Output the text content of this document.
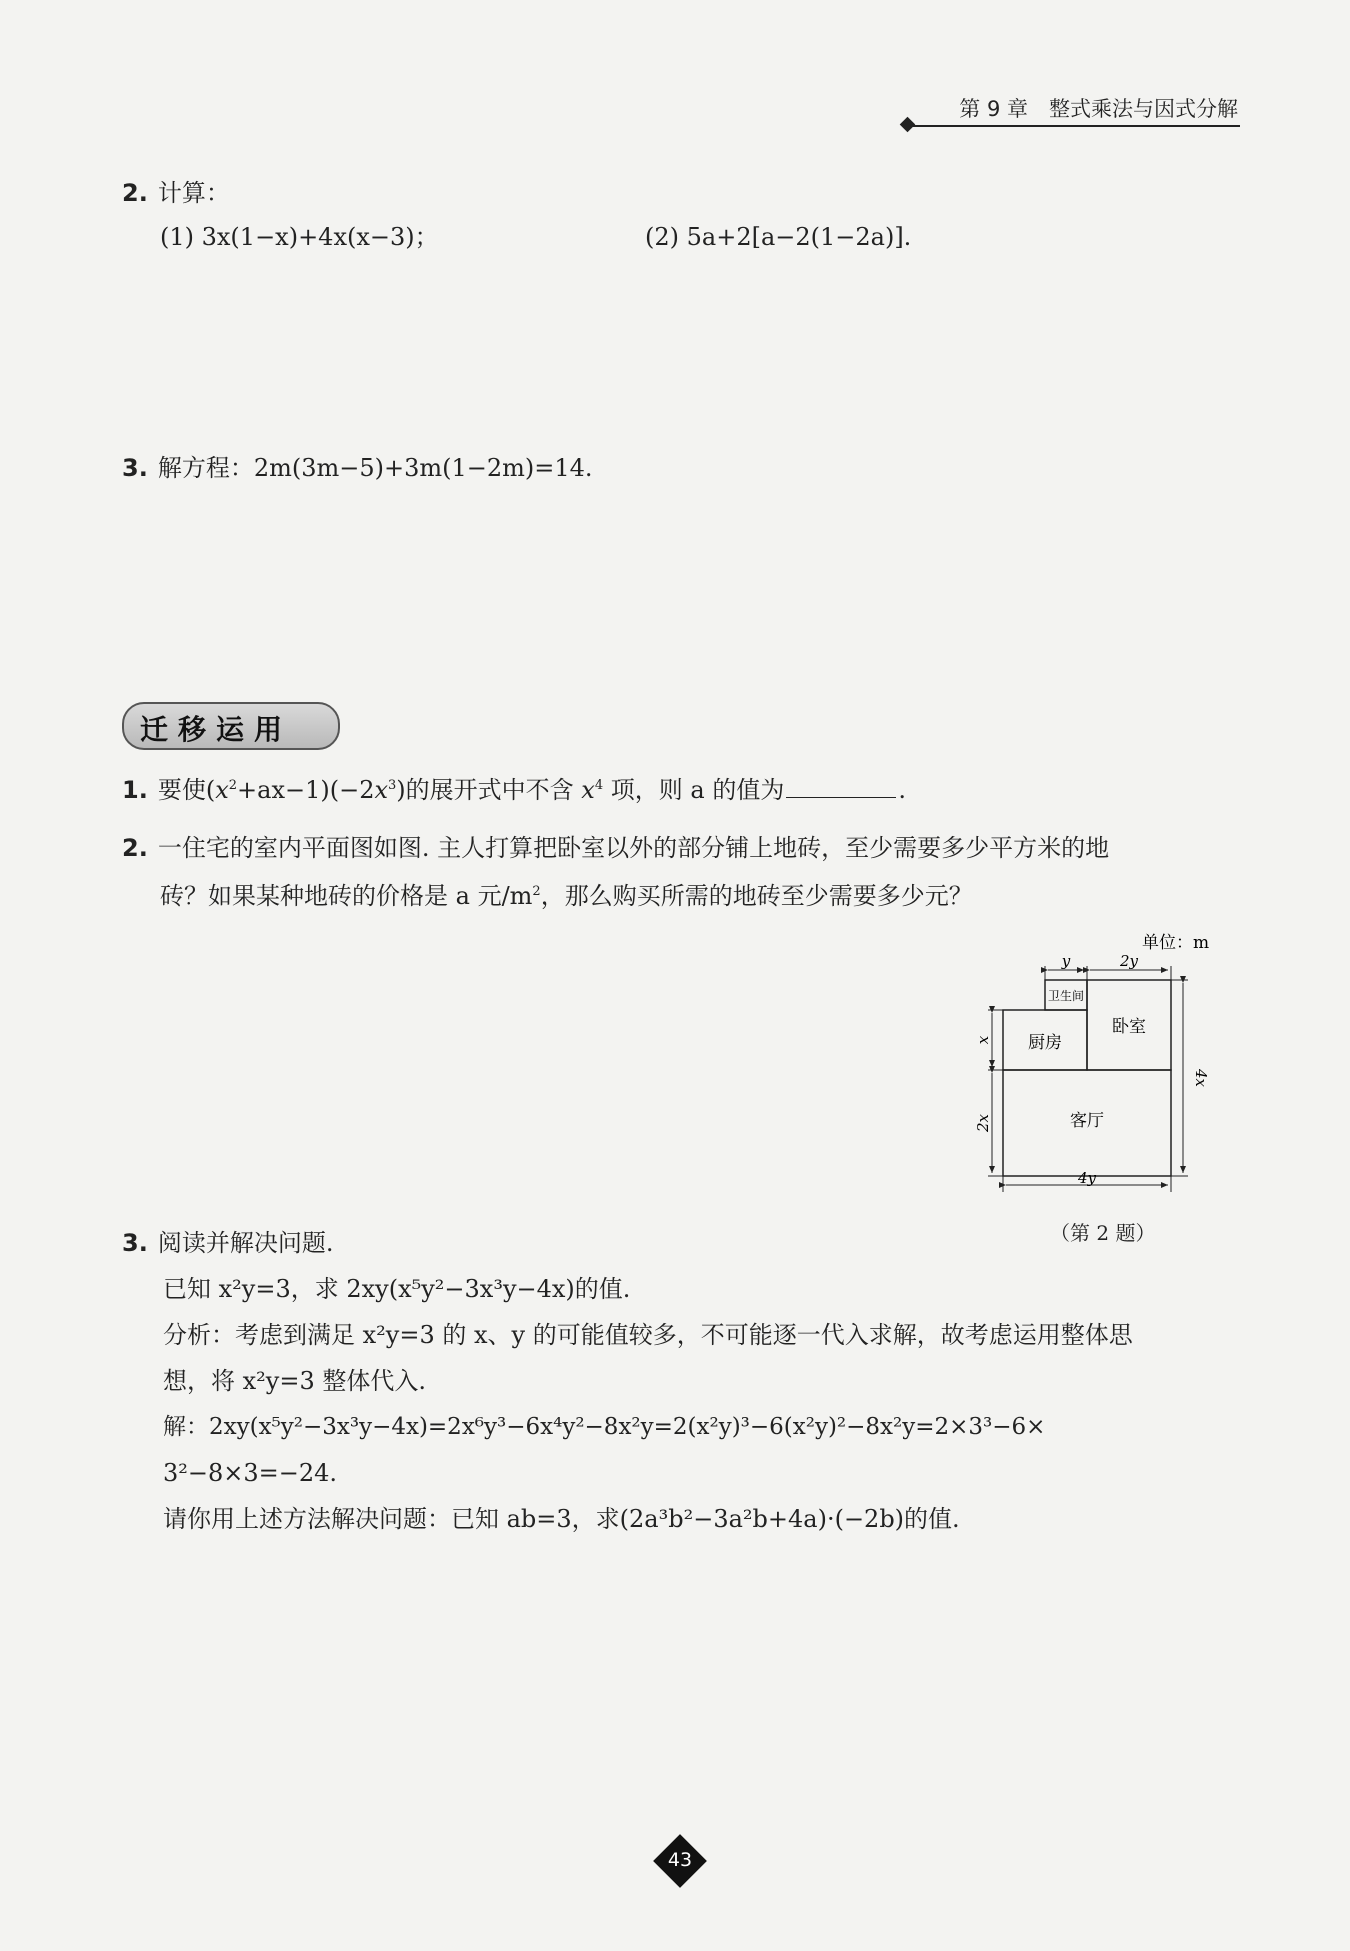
第 9 章　整式乘法与因式分解
2. 计算：
(1) 3x(1−x)+4x(x−3)；	(2) 5a+2[a−2(1−2a)].
3. 解方程：2m(3m−5)+3m(1−2m)=14.
迁移运用
1. 要使$(x^2+ax-1)(-2x^3)$的展开式中不含 $x^4$ 项，则 a 的值为	.
2. 一住宅的室内平面图如图. 主人打算把卧室以外的部分铺上地砖，至少需要多少平方米的地
砖？如果某种地砖的价格是 a 元$/m^2$，那么购买所需的地砖至少需要多少元？
单位：m
卫生间
厨房
卧室
客厅
y	2y
x
2x
4x
4y
（第 2 题）
3. 阅读并解决问题.
已知 x²y=3，求 2xy(x⁵y²−3x³y−4x)的值.
分析：考虑到满足 x²y=3 的 x、y 的可能值较多，不可能逐一代入求解，故考虑运用整体思
想，将 x²y=3 整体代入.
解：2xy(x⁵y²−3x³y−4x)=2x⁶y³−6x⁴y²−8x²y=2(x²y)³−6(x²y)²−8x²y=2×3³−6×
3²−8×3=−24.
请你用上述方法解决问题：已知 ab=3，求(2a³b²−3a²b+4a)·(−2b)的值.
43
